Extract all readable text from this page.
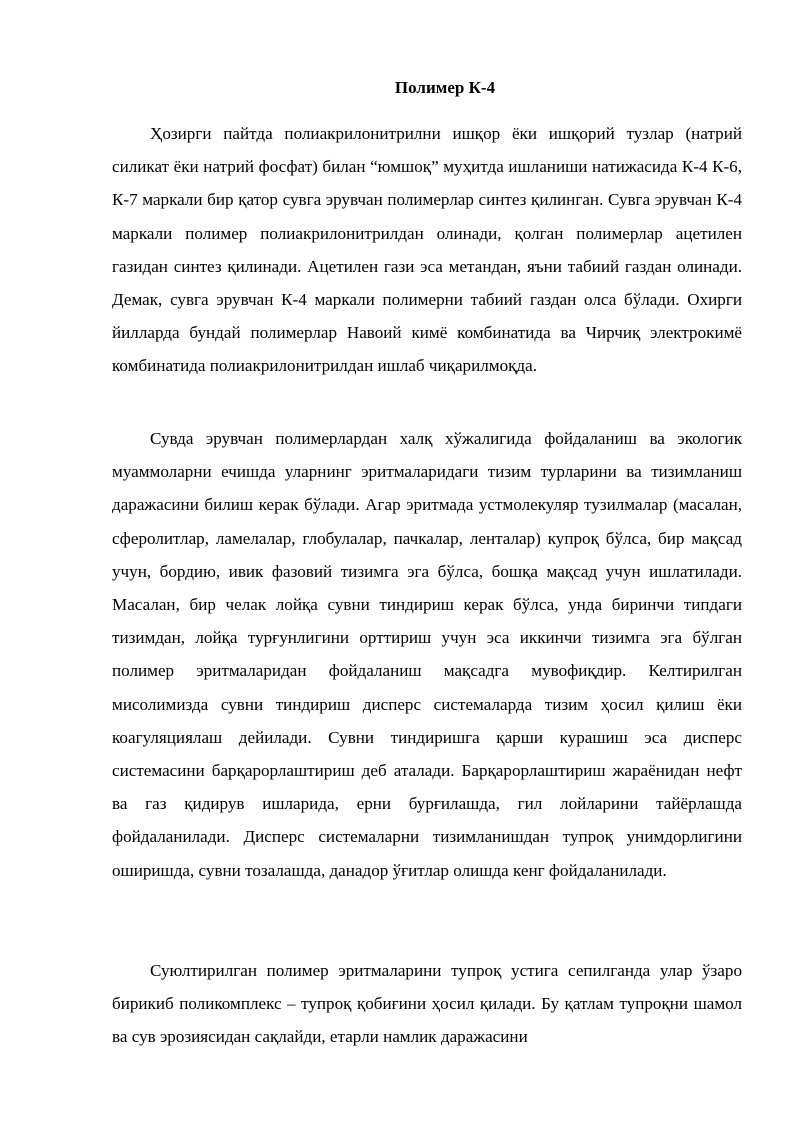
Полимер К-4

Ҳозирги пайтда полиакрилонитрилни ишқор ёки ишқорий тузлар (натрий силикат ёки натрий фосфат) билан “юмшоқ” муҳитда ишланиши натижасида К-4 К-6, К-7 маркали бир қатор сувга эрувчан полимерлар синтез қилинган. Сувга эрувчан К-4 маркали полимер полиакрилонитрилдан олинади, қолган полимерлар ацетилен газидан синтез қилинади. Ацетилен гази эса метандан, яъни табиий газдан олинади. Демак, сувга эрувчан К-4 маркали полимерни табиий газдан олса бўлади. Охирги йилларда бундай полимерлар Навоий кимё комбинатида ва Чирчиқ электрокимё комбинатида полиакрилонитрилдан ишлаб чиқарилмоқда.

Сувда эрувчан полимерлардан халқ хўжалигида фойдаланиш ва экологик муаммоларни ечишда уларнинг эритмаларидаги тизим турларини ва тизимланиш даражасини билиш керак бўлади. Агар эритмада устмолекуляр тузилмалар (масалан, сферолитлар, ламелалар, глобулалар, пачкалар, ленталар) купроқ бўлса, бир мақсад учун, бордию, ивик фазовий тизимга эга бўлса, бошқа мақсад учун ишлатилади. Масалан, бир челак лойқа сувни тиндириш керак бўлса, унда биринчи типдаги тизимдан, лойқа турғунлигини орттириш учун эса иккинчи тизимга эга бўлган полимер эритмаларидан фойдаланиш мақсадга мувофиқдир. Келтирилган мисолимизда сувни тиндириш дисперс системаларда тизим ҳосил қилиш ёки коагуляциялаш дейилади. Сувни тиндиришга қарши курашиш эса дисперс системасини барқарорлаштириш деб аталади. Барқарорлаштириш жараёнидан нефт ва газ қидирув ишларида, ерни бурғилашда, гил лойларини тайёрлашда фойдаланилади. Дисперс системаларни тизимланишдан тупроқ унимдорлигини оширишда, сувни тозалашда, данадор ўғитлар олишда кенг фойдаланилади.

Суюлтирилган полимер эритмаларини тупроқ устига сепилганда улар ўзаро бирикиб поликомплекс – тупроқ қобиғини ҳосил қилади. Бу қатлам тупроқни шамол ва сув эрозиясидан сақлайди, етарли намлик даражасини
